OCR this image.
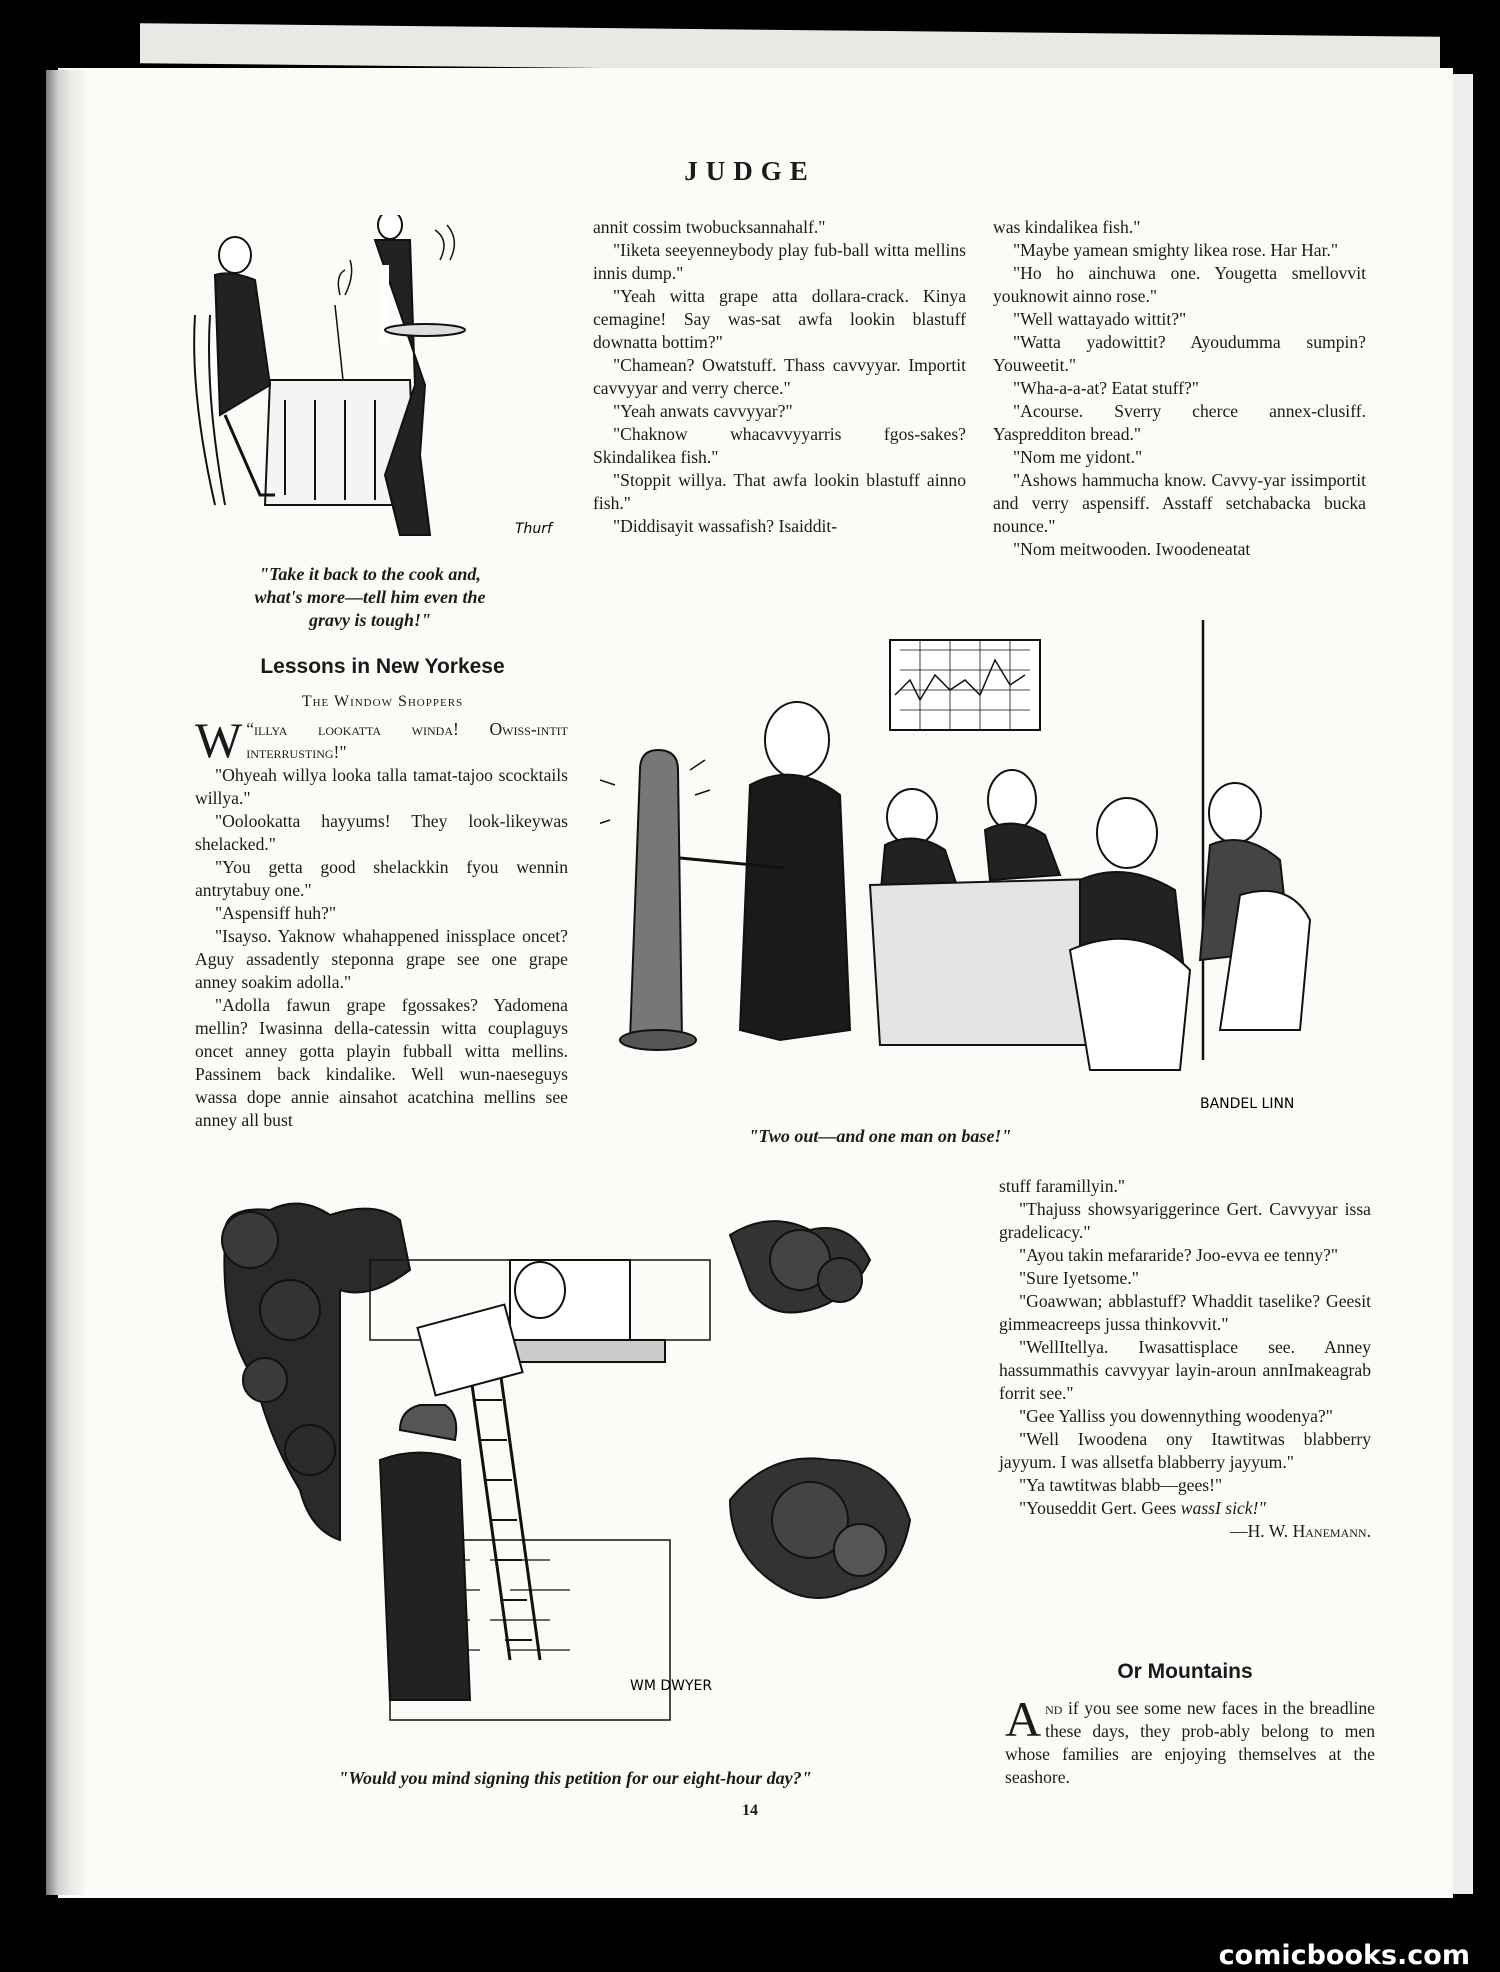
JUDGE
Thurf
"Take it back to the cook and,
what's more—tell him even the
gravy is tough!"
Lessons in New Yorkese
The Window Shoppers

“
W illya lookatta winda! Owiss-intit interrusting!"

"Ohyeah willya looka talla tamat-tajoo scocktails willya."

"Oolookatta hayyums! They look-likeywas shelacked."

"You getta good shelackkin fyou wennin antrytabuy one."

"Aspensiff huh?"

"Isayso. Yaknow whahappened inissplace oncet? Aguy assadently steponna grape see one grape anney soakim adolla."

"Adolla fawun grape fgossakes? Yadomena mellin? Iwasinna della-catessin witta couplaguys oncet anney gotta playin fubball witta mellins. Passinem back kindalike. Well wun-naeseguys wassa dope annie ainsahot acatchina mellins see anney all bust

annit cossim twobucksannahalf."

"Iiketa seeyenneybody play fub-ball witta mellins innis dump."

"Yeah witta grape atta dollara-crack. Kinya cemagine! Say was-sat awfa lookin blastuff downatta bottim?"

"Chamean? Owatstuff. Thass cavvyyar. Importit cavvyyar and verry cherce."

"Yeah anwats cavvyyar?"

"Chaknow whacavvyyarris fgos-sakes? Skindalikea fish."

"Stoppit willya. That awfa lookin blastuff ainno fish."

"Diddisayit wassafish? Isaiddit-

was kindalikea fish."

"Maybe yamean smighty likea rose. Har Har."

"Ho ho ainchuwa one. Yougetta smellovvit youknowit ainno rose."

"Well wattayado wittit?"

"Watta yadowittit? Ayoudumma sumpin? Youweetit."

"Wha-a-a-at? Eatat stuff?"

"Acourse. Sverry cherce annex-clusiff. Yaspredditon bread."

"Nom me yidont."

"Ashows hammucha know. Cavvy-yar issimportit and verry aspensiff. Asstaff setchabacka bucka nounce."

"Nom meitwooden. Iwoodeneatat

BANDEL LINN
"Two out—and one man on base!"
WM DWYER
"Would you mind signing this petition for our eight-hour day?"

stuff faramillyin."

"Thajuss showsyariggerince Gert. Cavvyyar issa gradelicacy."

"Ayou takin mefararide? Joo-evva ee tenny?"

"Sure Iyetsome."

"Goawwan; abblastuff? Whaddit taselike? Geesit gimmeacreeps jussa thinkovvit."

"WellItellya. Iwasattisplace see. Anney hassummathis cavvyyar layin-aroun annImakeagrab forrit see."

"Gee Yalliss you dowennything woodenya?"

"Well Iwoodena ony Itawtitwas blabberry jayyum. I was allsetfa blabberry jayyum."

"Ya tawtitwas blabb—gees!"

"Youseddit Gert. Gees wassI sick!"

—H. W. Hanemann.
Or Mountains

And if you see some new faces in the breadline these days, they prob-ably belong to men whose families are enjoying themselves at the seashore.

14
comicbooks.com
